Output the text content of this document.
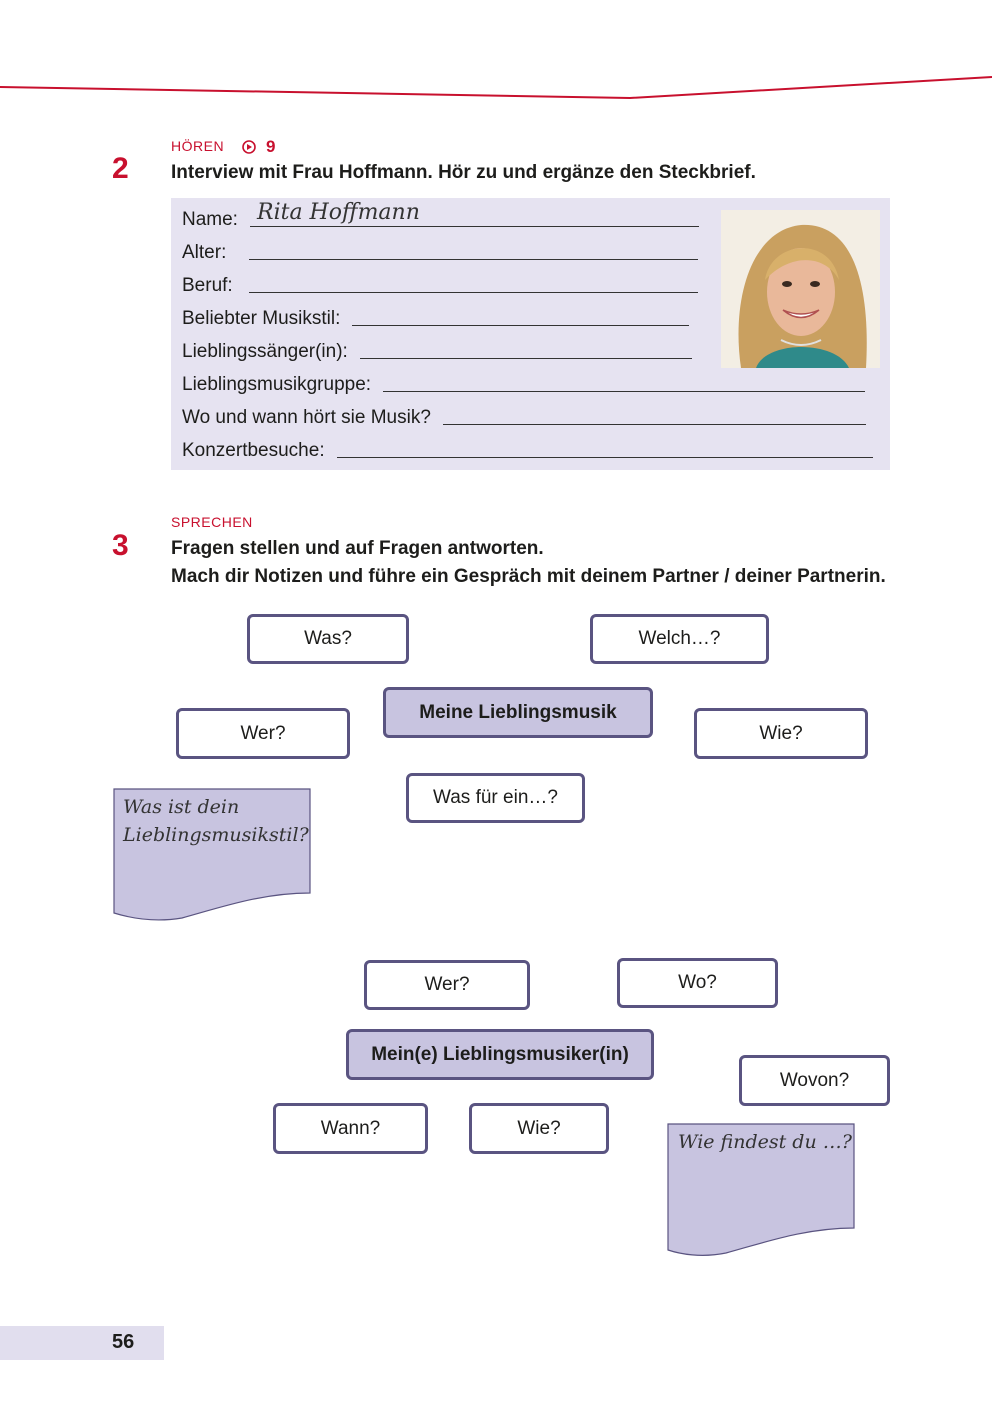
HÖREN 9
2 Interview mit Frau Hoffmann. Hör zu und ergänze den Steckbrief.
Name: Rita Hoffmann
Alter:
Beruf:
Beliebter Musikstil:
Lieblingssänger(in):
Lieblingsmusikgruppe:
Wo und wann hört sie Musik?
Konzertbesuche:
SPRECHEN
3 Fragen stellen und auf Fragen antworten.
Mach dir Notizen und führe ein Gespräch mit deinem Partner / deiner Partnerin.
Was?	Welch…?
Meine Lieblingsmusik
Wer?	Wie?
Was für ein…?
Was ist dein
Lieblingsmusikstil?
Wer?	Wo?
Mein(e) Lieblingsmusiker(in)
Wovon?
Wann?	Wie?
Wie findest du …?
56
